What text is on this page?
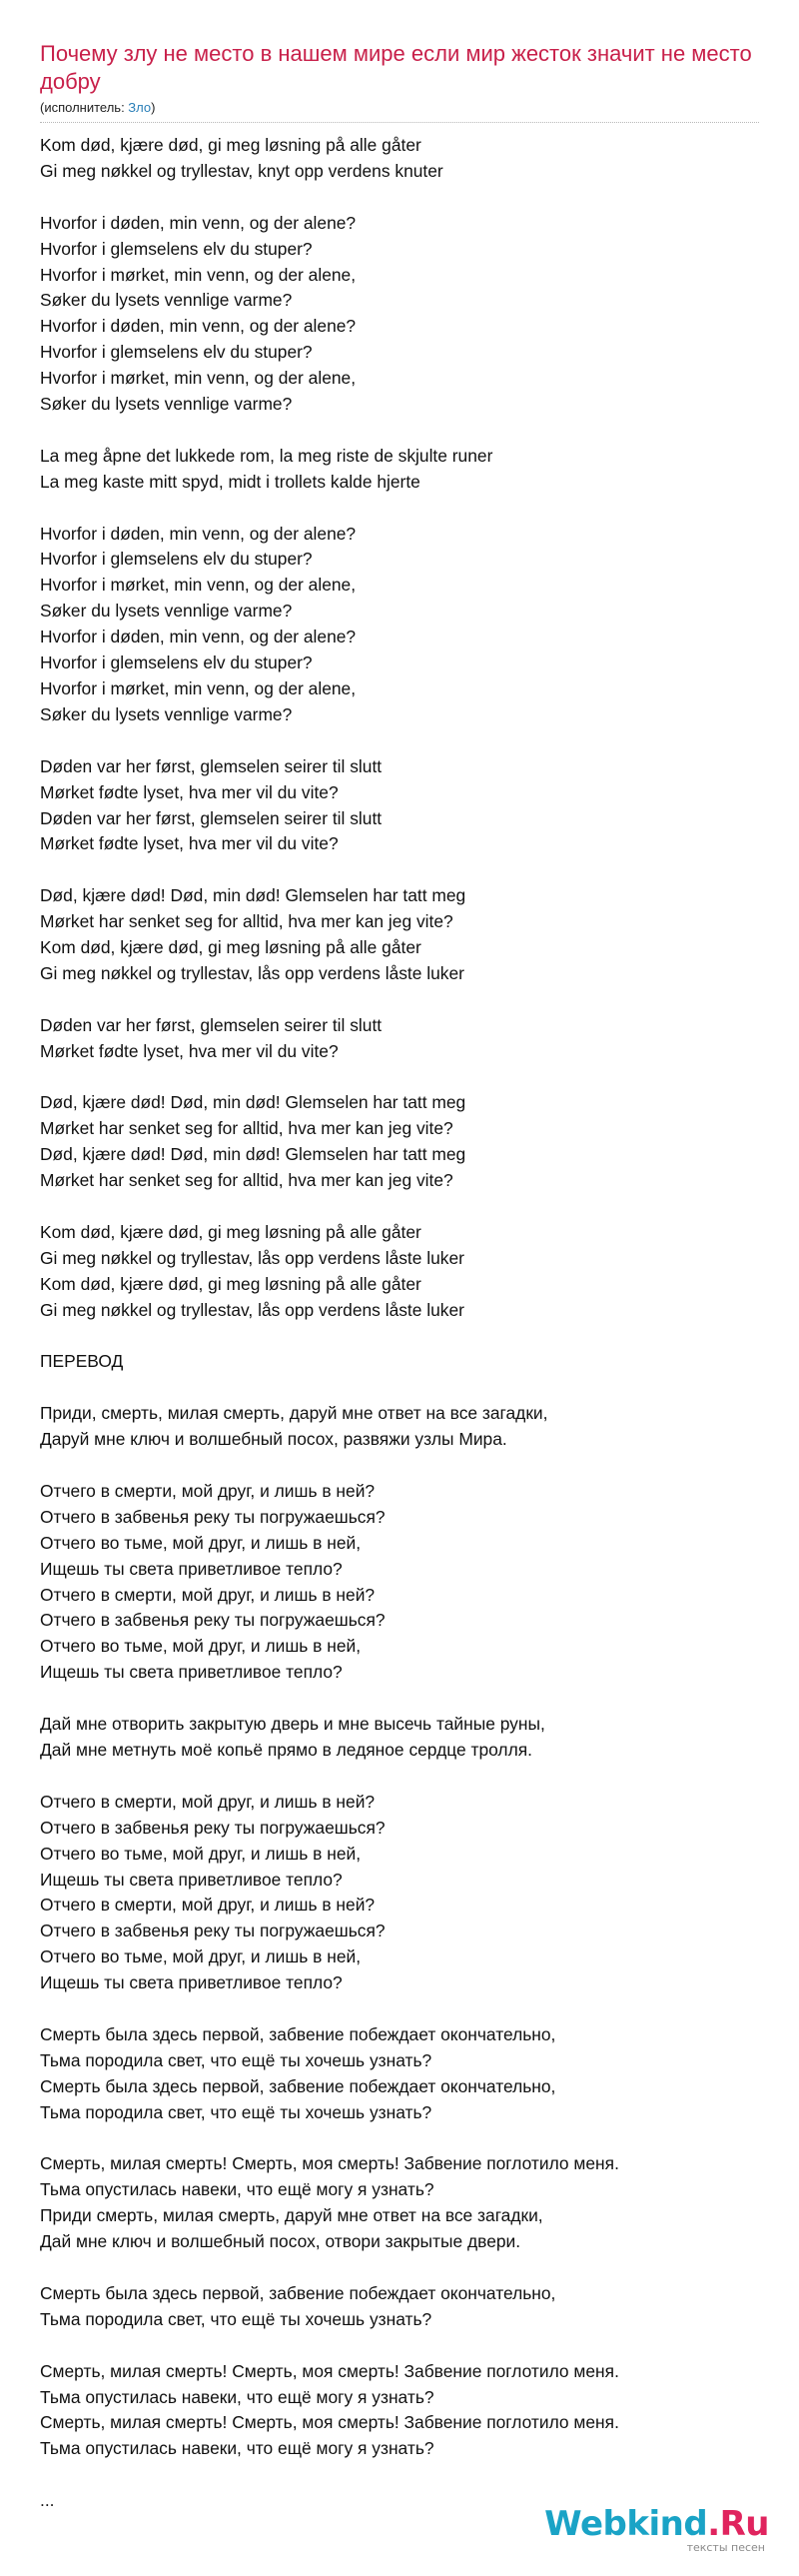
Почему злу не место в нашем мире если мир жесток значит не место добру
(исполнитель: Зло)
Kom død, kjære død, gi meg løsning på alle gåter
Gi meg nøkkel og tryllestav, knyt opp verdens knuter
Hvorfor i døden, min venn, og der alene?
Hvorfor i glemselens elv du stuper?
Hvorfor i mørket, min venn, og der alene,
Søker du lysets vennlige varme?
Hvorfor i døden, min venn, og der alene?
Hvorfor i glemselens elv du stuper?
Hvorfor i mørket, min venn, og der alene,
Søker du lysets vennlige varme?
La meg åpne det lukkede rom, la meg riste de skjulte runer
La meg kaste mitt spyd, midt i trollets kalde hjerte
Hvorfor i døden, min venn, og der alene?
Hvorfor i glemselens elv du stuper?
Hvorfor i mørket, min venn, og der alene,
Søker du lysets vennlige varme?
Hvorfor i døden, min venn, og der alene?
Hvorfor i glemselens elv du stuper?
Hvorfor i mørket, min venn, og der alene,
Søker du lysets vennlige varme?
Døden var her først, glemselen seirer til slutt
Mørket fødte lyset, hva mer vil du vite?
Døden var her først, glemselen seirer til slutt
Mørket fødte lyset, hva mer vil du vite?
Død, kjære død! Død, min død! Glemselen har tatt meg
Mørket har senket seg for alltid, hva mer kan jeg vite?
Kom død, kjære død, gi meg løsning på alle gåter
Gi meg nøkkel og tryllestav, lås opp verdens låste luker
Døden var her først, glemselen seirer til slutt
Mørket fødte lyset, hva mer vil du vite?
Død, kjære død! Død, min død! Glemselen har tatt meg
Mørket har senket seg for alltid, hva mer kan jeg vite?
Død, kjære død! Død, min død! Glemselen har tatt meg
Mørket har senket seg for alltid, hva mer kan jeg vite?
Kom død, kjære død, gi meg løsning på alle gåter
Gi meg nøkkel og tryllestav, lås opp verdens låste luker
Kom død, kjære død, gi meg løsning på alle gåter
Gi meg nøkkel og tryllestav, lås opp verdens låste luker
ПЕРЕВОД
Приди, смерть, милая смерть, даруй мне ответ на все загадки,
Даруй мне ключ и волшебный посох, развяжи узлы Мира.
Отчего в смерти, мой друг, и лишь в ней?
Отчего в забвенья реку ты погружаешься?
Отчего во тьме, мой друг, и лишь в ней,
Ищешь ты света приветливое тепло?
Отчего в смерти, мой друг, и лишь в ней?
Отчего в забвенья реку ты погружаешься?
Отчего во тьме, мой друг, и лишь в ней,
Ищешь ты света приветливое тепло?
Дай мне отворить закрытую дверь и мне высечь тайные руны,
Дай мне метнуть моё копьё прямо в ледяное сердце тролля.
Отчего в смерти, мой друг, и лишь в ней?
Отчего в забвенья реку ты погружаешься?
Отчего во тьме, мой друг, и лишь в ней,
Ищешь ты света приветливое тепло?
Отчего в смерти, мой друг, и лишь в ней?
Отчего в забвенья реку ты погружаешься?
Отчего во тьме, мой друг, и лишь в ней,
Ищешь ты света приветливое тепло?
Смерть была здесь первой, забвение побеждает окончательно,
Тьма породила свет, что ещё ты хочешь узнать?
Смерть была здесь первой, забвение побеждает окончательно,
Тьма породила свет, что ещё ты хочешь узнать?
Смерть, милая смерть! Смерть, моя смерть! Забвение поглотило меня.
Тьма опустилась навеки, что ещё могу я узнать?
Приди смерть, милая смерть, даруй мне ответ на все загадки,
Дай мне ключ и волшебный посох, отвори закрытые двери.
Смерть была здесь первой, забвение побеждает окончательно,
Тьма породила свет, что ещё ты хочешь узнать?
Смерть, милая смерть! Смерть, моя смерть! Забвение поглотило меня.
Тьма опустилась навеки, что ещё могу я узнать?
Смерть, милая смерть! Смерть, моя смерть! Забвение поглотило меня.
Тьма опустилась навеки, что ещё могу я узнать?
...
Webkind.Ru
тексты песен
